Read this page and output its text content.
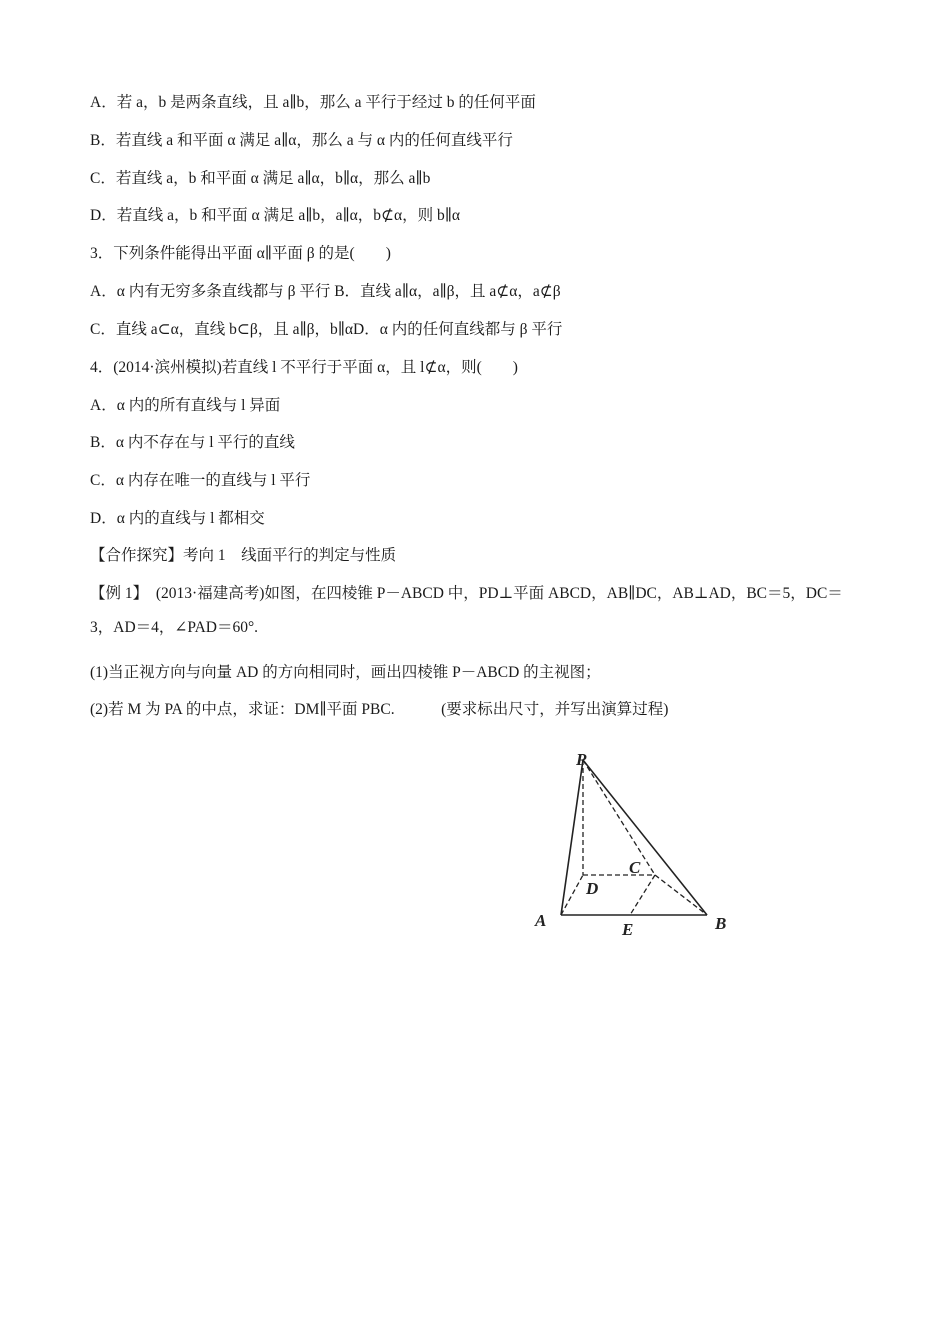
A．若 a，b 是两条直线，且 a∥b，那么 a 平行于经过 b 的任何平面
B．若直线 a 和平面 α 满足 a∥α，那么 a 与 α 内的任何直线平行
C．若直线 a，b 和平面 α 满足 a∥α，b∥α，那么 a∥b
D．若直线 a，b 和平面 α 满足 a∥b，a∥α，b⊄α，则 b∥α
3．下列条件能得出平面 α∥平面 β 的是(　　)
A．α 内有无穷多条直线都与 β 平行 B．直线 a∥α，a∥β，且 a⊄α，a⊄β
C．直线 a⊂α，直线 b⊂β，且 a∥β，b∥αD．α 内的任何直线都与 β 平行
4．(2014·滨州模拟)若直线 l 不平行于平面 α，且 l⊄α，则(　　)
A．α 内的所有直线与 l 异面
B．α 内不存在与 l 平行的直线
C．α 内存在唯一的直线与 l 平行
D．α 内的直线与 l 都相交
【合作探究】考向 1　线面平行的判定与性质
【例 1】　(2013·福建高考)如图，在四棱锥 P－ABCD 中，PD⊥平面 ABCD，AB∥DC，AB⊥AD，BC＝5，DC＝3，AD＝4，∠PAD＝60°.
(1)当正视方向与向量 AD 的方向相同时，画出四棱锥 P－ABCD 的主视图；
(2)若 M 为 PA 的中点，求证：DM∥平面 PBC.　　　(要求标出尺寸，并写出演算过程)
P
A	B
C
D
E
